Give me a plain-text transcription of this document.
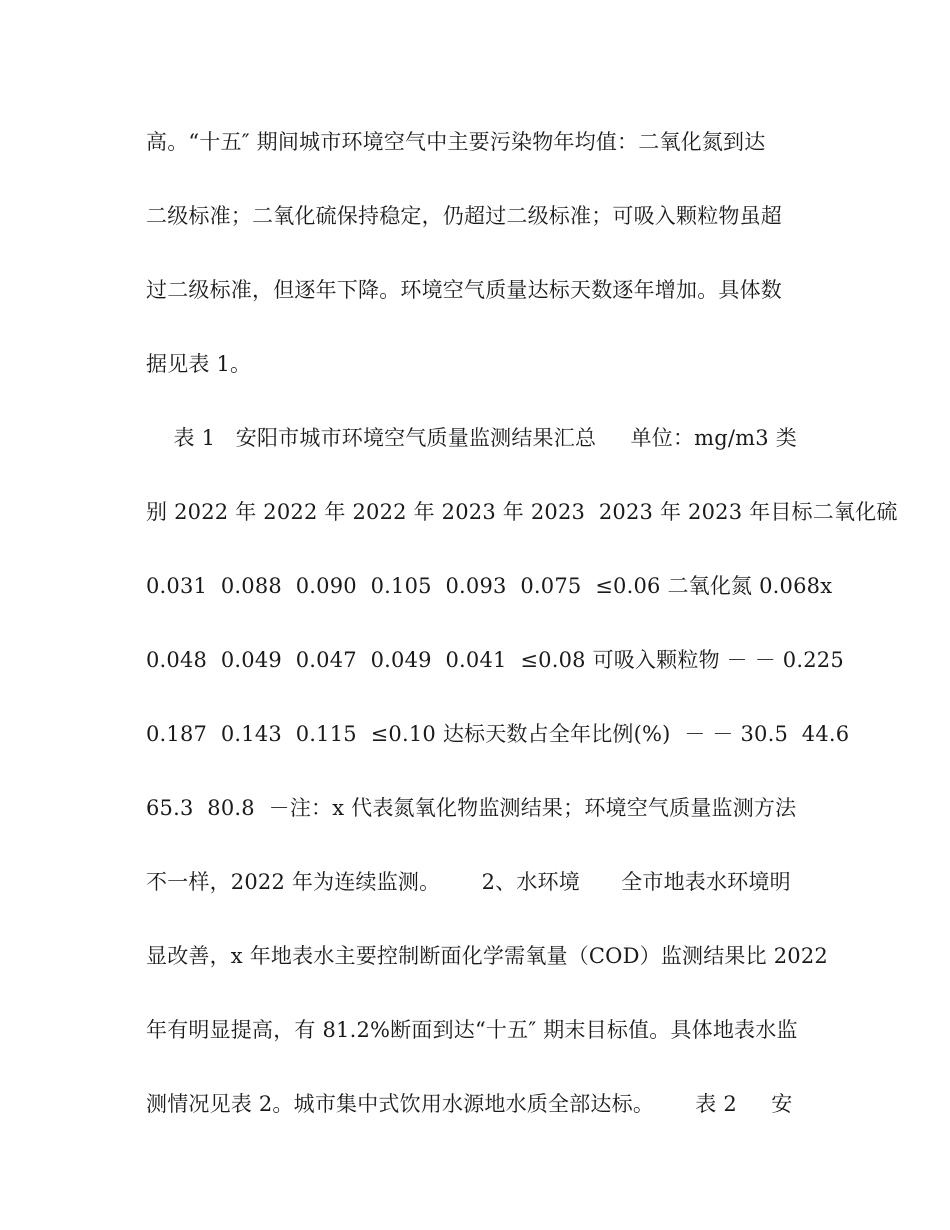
高。“十五″ 期间城市环境空气中主要污染物年均值：二氧化氮到达
二级标准；二氧化硫保持稳定，仍超过二级标准；可吸入颗粒物虽超
过二级标准，但逐年下降。环境空气质量达标天数逐年增加。具体数
据见表 1。
表 1   安阳市城市环境空气质量监测结果汇总     单位：mg/m3 类
别 2022 年 2022 年 2022 年 2023 年 2023  2023 年 2023 年目标二氧化硫
0.031  0.088  0.090  0.105  0.093  0.075  ≤0.06 二氧化氮 0.068x
0.048  0.049  0.047  0.049  0.041  ≤0.08 可吸入颗粒物 － － 0.225
0.187  0.143  0.115  ≤0.10 达标天数占全年比例(%)  － － 30.5  44.6
65.3  80.8  －注：x 代表氮氧化物监测结果；环境空气质量监测方法
不一样，2022 年为连续监测。      2、水环境      全市地表水环境明
显改善，x 年地表水主要控制断面化学需氧量（COD）监测结果比 2022
年有明显提高，有 81.2%断面到达“十五″ 期末目标值。具体地表水监
测情况见表 2。城市集中式饮用水源地水质全部达标。      表 2     安
